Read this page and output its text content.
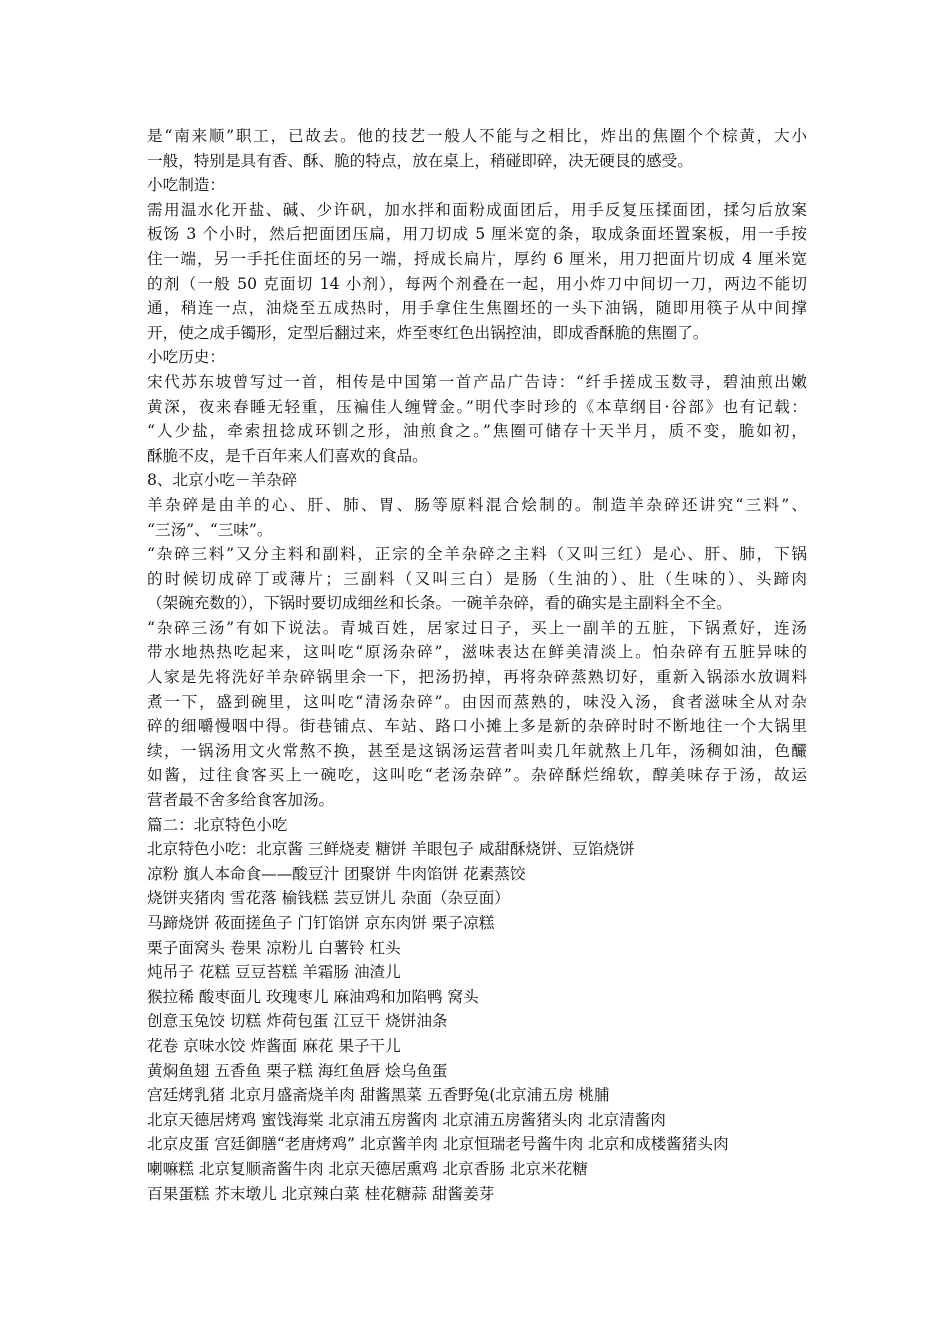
是“南来顺”职工，已故去。他的技艺一般人不能与之相比，炸出的焦圈个个棕黄，大小
一般，特别是具有香、酥、脆的特点，放在桌上，稍碰即碎，决无硬艮的感受。
小吃制造：
需用温水化开盐、碱、少许矾，加水拌和面粉成面团后，用手反复压揉面团，揉匀后放案
板饧 3 个小时，然后把面团压扁，用刀切成 5 厘米宽的条，取成条面坯置案板，用一手按
住一端，另一手托住面坯的另一端，捋成长扁片，厚约 6 厘米，用刀把面片切成 4 厘米宽
的剂（一般 50 克面切 14 小剂），每两个剂叠在一起，用小炸刀中间切一刀，两边不能切
通，稍连一点，油烧至五成热时，用手拿住生焦圈坯的一头下油锅，随即用筷子从中间撑
开，使之成手镯形，定型后翻过来，炸至枣红色出锅控油，即成香酥脆的焦圈了。
小吃历史：
宋代苏东坡曾写过一首，相传是中国第一首产品广告诗：“纤手搓成玉数寻，碧油煎出嫩
黄深，夜来春睡无轻重，压褊佳人缠臂金。”明代李时珍的《本草纲目·谷部》也有记载：
“人少盐，牵索扭捻成环钏之形，油煎食之。”焦圈可储存十天半月，质不变，脆如初，
酥脆不皮，是千百年来人们喜欢的食品。
8、北京小吃－羊杂碎
羊杂碎是由羊的心、肝、肺、胃、肠等原料混合烩制的。制造羊杂碎还讲究“三料”、
“三汤”、“三味”。
“杂碎三料”又分主料和副料，正宗的全羊杂碎之主料（又叫三红）是心、肝、肺，下锅
的时候切成碎丁或薄片；三副料（又叫三白）是肠（生油的）、肚（生味的）、头蹄肉
（架碗充数的），下锅时要切成细丝和长条。一碗羊杂碎，看的确实是主副料全不全。
“杂碎三汤”有如下说法。青城百姓，居家过日子，买上一副羊的五脏，下锅煮好，连汤
带水地热热吃起来，这叫吃“原汤杂碎”，滋味表达在鲜美清淡上。怕杂碎有五脏异味的
人家是先将洗好羊杂碎锅里余一下，把汤扔掉，再将杂碎蒸熟切好，重新入锅添水放调料
煮一下，盛到碗里，这叫吃“清汤杂碎”。由因而蒸熟的，味没入汤，食者滋味全从对杂
碎的细嚼慢咽中得。街巷铺点、车站、路口小摊上多是新的杂碎时时不断地往一个大锅里
续，一锅汤用文火常熬不换，甚至是这锅汤运营者叫卖几年就熬上几年，汤稠如油，色釅
如酱，过往食客买上一碗吃，这叫吃“老汤杂碎”。杂碎酥烂绵软，醇美味存于汤，故运
营者最不舍多给食客加汤。
篇二：北京特色小吃
北京特色小吃：北京酱 三鲜烧麦 糖饼 羊眼包子 咸甜酥烧饼、豆馅烧饼
凉粉 旗人本命食——酸豆汁 团聚饼 牛肉馅饼 花素蒸饺
烧饼夹猪肉 雪花落 榆钱糕 芸豆饼儿 杂面（杂豆面）
马蹄烧饼 莜面搓鱼子 门钉馅饼 京东肉饼 栗子凉糕
栗子面窝头 卷果 凉粉儿 白薯铃 杠头
炖吊子 花糕 豆豆苔糕 羊霜肠 油渣儿
猴拉稀 酸枣面儿 玫瑰枣儿 麻油鸡和加陷鸭 窝头
创意玉兔饺 切糕 炸荷包蛋 江豆干 烧饼油条
花卷 京味水饺 炸酱面 麻花 果子干儿
黄焖鱼翅 五香鱼 栗子糕 海红鱼唇 烩乌鱼蛋
宫廷烤乳猪 北京月盛斋烧羊肉 甜酱黑菜 五香野兔(北京浦五房 桃脯
北京天德居烤鸡 蜜饯海棠 北京浦五房酱肉 北京浦五房酱猪头肉 北京清酱肉
北京皮蛋 宫廷御膳“老唐烤鸡” 北京酱羊肉 北京恒瑞老号酱牛肉 北京和成楼酱猪头肉
喇嘛糕 北京复顺斋酱牛肉 北京天德居熏鸡 北京香肠 北京米花糖
百果蛋糕 芥末墩儿 北京辣白菜 桂花糖蒜 甜酱姜芽
